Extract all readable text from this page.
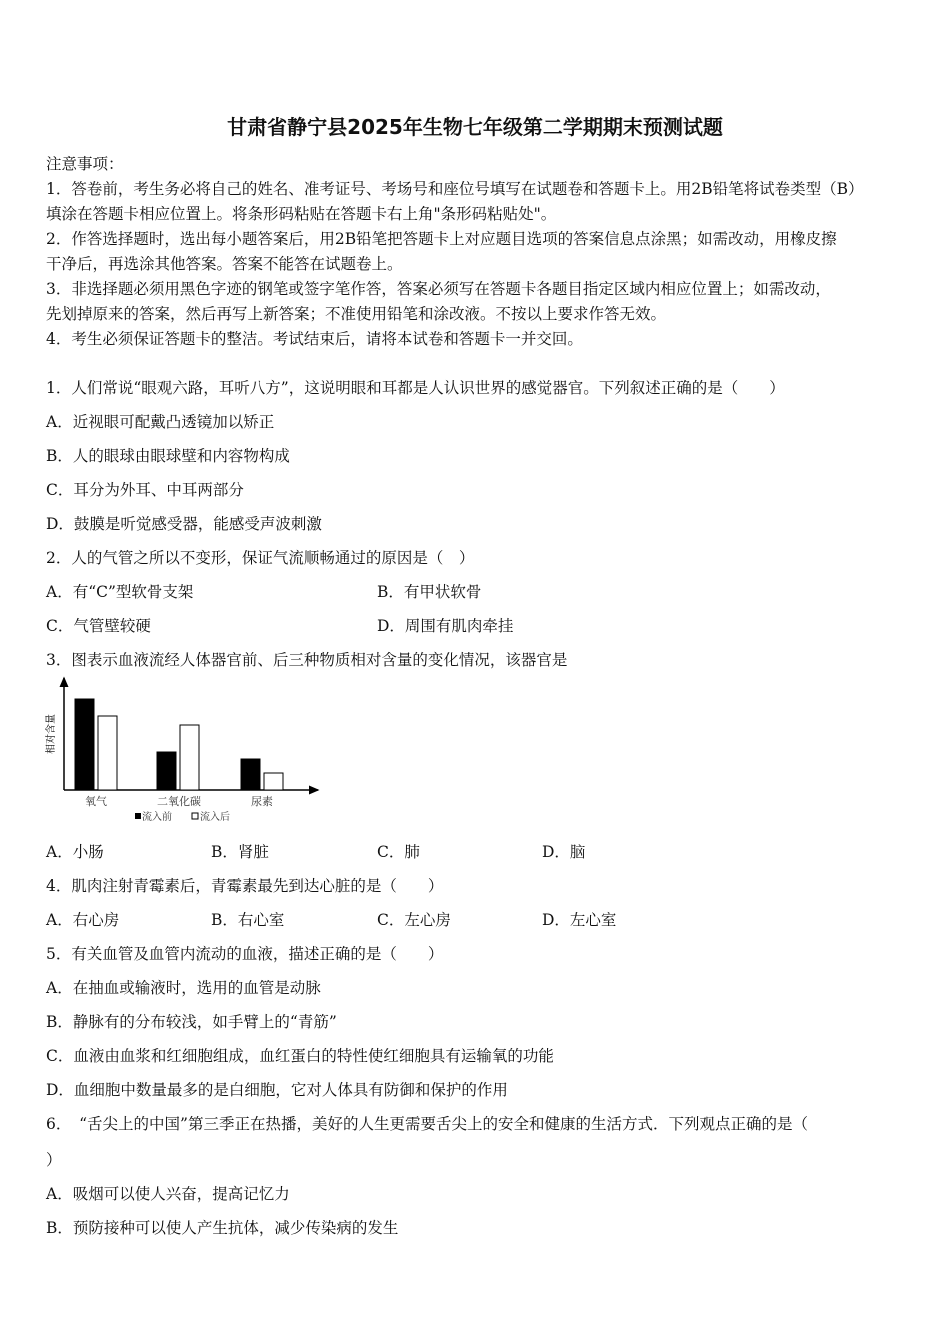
甘肃省静宁县2025年生物七年级第二学期期末预测试题
注意事项：
1．答卷前，考生务必将自己的姓名、准考证号、考场号和座位号填写在试题卷和答题卡上。用2B铅笔将试卷类型（B）
填涂在答题卡相应位置上。将条形码粘贴在答题卡右上角"条形码粘贴处"。
2．作答选择题时，选出每小题答案后，用2B铅笔把答题卡上对应题目选项的答案信息点涂黑；如需改动，用橡皮擦
干净后，再选涂其他答案。答案不能答在试题卷上。
3．非选择题必须用黑色字迹的钢笔或签字笔作答，答案必须写在答题卡各题目指定区域内相应位置上；如需改动，
先划掉原来的答案，然后再写上新答案；不准使用铅笔和涂改液。不按以上要求作答无效。
4．考生必须保证答题卡的整洁。考试结束后，请将本试卷和答题卡一并交回。
1．人们常说“眼观六路，耳听八方”，这说明眼和耳都是人认识世界的感觉器官。下列叙述正确的是（　　）
A．近视眼可配戴凸透镜加以矫正
B．人的眼球由眼球壁和内容物构成
C．耳分为外耳、中耳两部分
D．鼓膜是听觉感受器，能感受声波刺激
2．人的气管之所以不变形，保证气流顺畅通过的原因是（　）
A．有“C”型软骨支架	B．有甲状软骨
C．气管壁较硬	D．周围有肌肉牵挂
3．图表示血液流经人体器官前、后三种物质相对含量的变化情况，该器官是
相对含量
氧气	二氧化碳	尿素
流入前	流入后
A．小肠	B．肾脏	C．肺	D．脑
4．肌肉注射青霉素后，青霉素最先到达心脏的是（　　）
A．右心房	B．右心室	C．左心房	D．左心室
5．有关血管及血管内流动的血液，描述正确的是（　　）
A．在抽血或输液时，选用的血管是动脉
B．静脉有的分布较浅，如手臂上的“青筋”
C．血液由血浆和红细胞组成，血红蛋白的特性使红细胞具有运输氧的功能
D．血细胞中数量最多的是白细胞，它对人体具有防御和保护的作用
6．　“舌尖上的中国”第三季正在热播，美好的人生更需要舌尖上的安全和健康的生活方式．下列观点正确的是（
）
A．吸烟可以使人兴奋，提高记忆力
B．预防接种可以使人产生抗体，减少传染病的发生
